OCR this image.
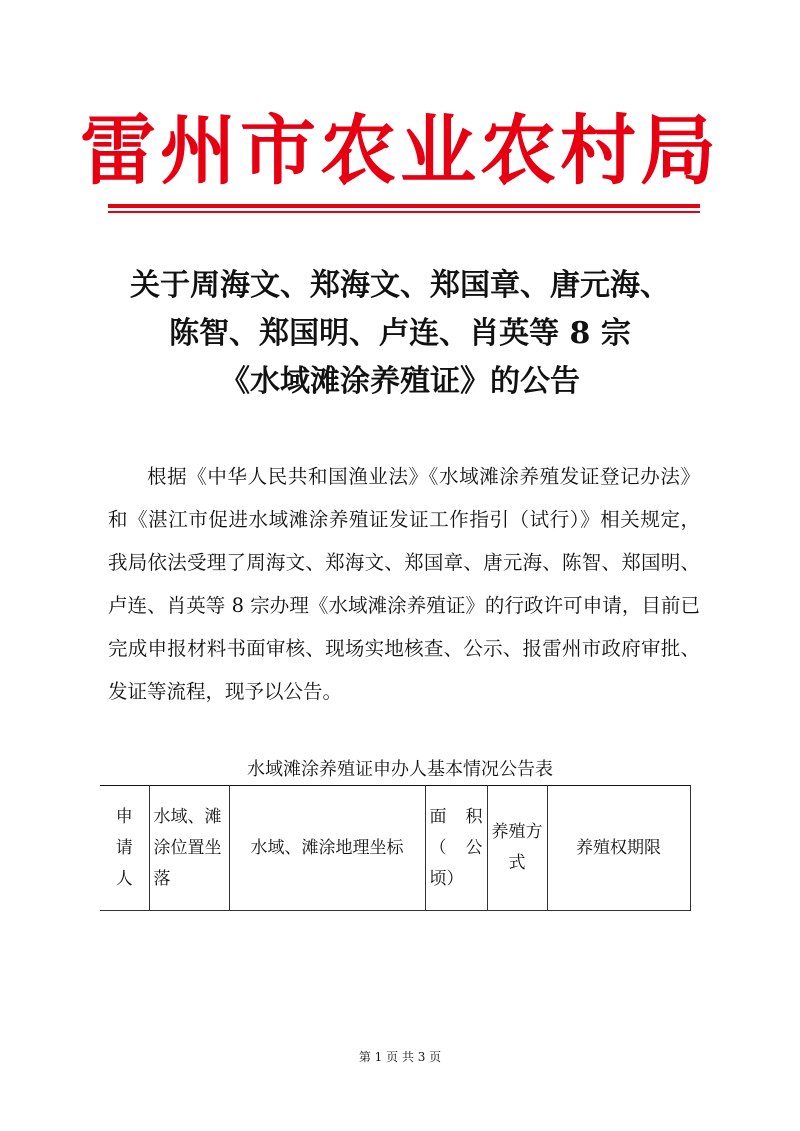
雷州市农业农村局
关于周海文、郑海文、郑国章、唐元海、
陈智、郑国明、卢连、肖英等 8 宗
《水域滩涂养殖证》的公告
根据《中华人民共和国渔业法》《水域滩涂养殖发证登记办法》和《湛江市促进水域滩涂养殖证发证工作指引（试行）》相关规定，我局依法受理了周海文、郑海文、郑国章、唐元海、陈智、郑国明、卢连、肖英等 8 宗办理《水域滩涂养殖证》的行政许可申请，目前已完成申报材料书面审核、现场实地核查、公示、报雷州市政府审批、发证等流程，现予以公告。
水域滩涂养殖证申办人基本情况公告表
申请人	水域、滩涂位置坐落	水域、滩涂地理坐标	面积（公顷）	养殖方式	养殖权期限
第 1 页 共 3 页
